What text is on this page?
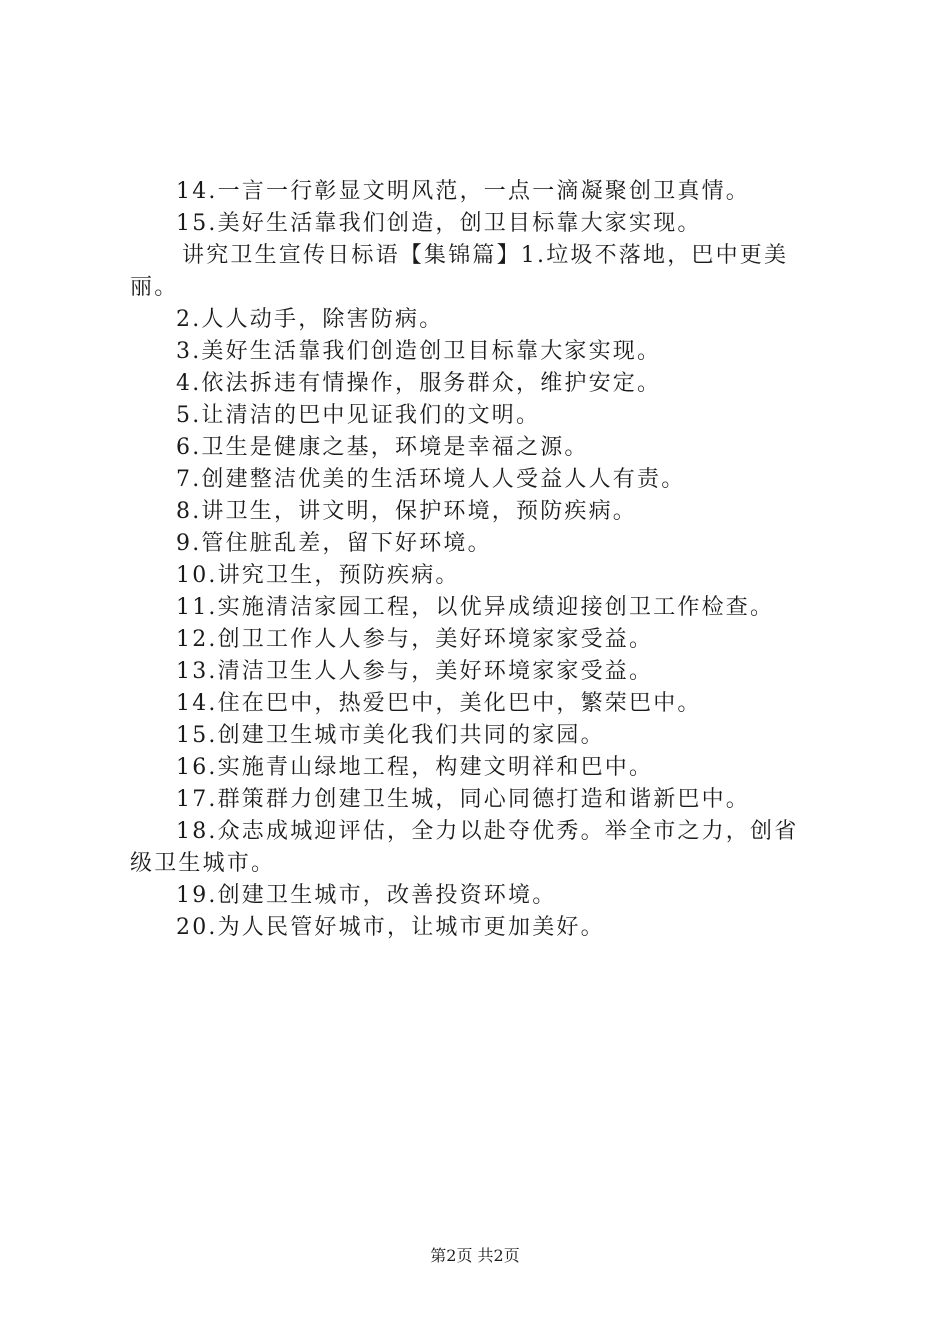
14.一言一行彰显文明风范，一点一滴凝聚创卫真情。

15.美好生活靠我们创造，创卫目标靠大家实现。

讲究卫生宣传日标语【集锦篇】1.垃圾不落地，巴中更美

丽。

2.人人动手，除害防病。

3.美好生活靠我们创造创卫目标靠大家实现。

4.依法拆违有情操作，服务群众，维护安定。

5.让清洁的巴中见证我们的文明。

6.卫生是健康之基，环境是幸福之源。

7.创建整洁优美的生活环境人人受益人人有责。

8.讲卫生，讲文明，保护环境，预防疾病。

9.管住脏乱差，留下好环境。

10.讲究卫生，预防疾病。

11.实施清洁家园工程，以优异成绩迎接创卫工作检查。

12.创卫工作人人参与，美好环境家家受益。

13.清洁卫生人人参与，美好环境家家受益。

14.住在巴中，热爱巴中，美化巴中，繁荣巴中。

15.创建卫生城市美化我们共同的家园。

16.实施青山绿地工程，构建文明祥和巴中。

17.群策群力创建卫生城，同心同德打造和谐新巴中。

18.众志成城迎评估，全力以赴夺优秀。举全市之力，创省

级卫生城市。

19.创建卫生城市，改善投资环境。

20.为人民管好城市，让城市更加美好。

第2页 共2页
